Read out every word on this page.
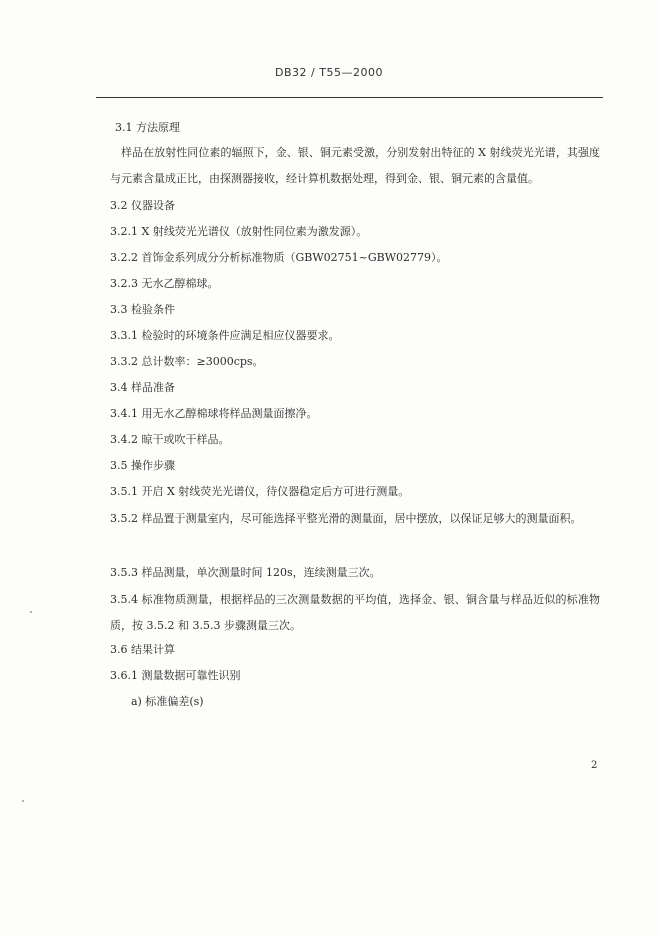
DB32 / T55—2000
3.1 方法原理
样品在放射性同位素的辐照下，金、银、铜元素受激，分别发射出特征的 X 射线荧光光谱，其强度与元素含量成正比，由探测器接收，经计算机数据处理，得到金、银、铜元素的含量值。
3.2 仪器设备
3.2.1 X 射线荧光光谱仪（放射性同位素为激发源）。
3.2.2 首饰金系列成分分析标准物质（GBW02751~GBW02779）。
3.2.3 无水乙醇棉球。
3.3 检验条件
3.3.1 检验时的环境条件应满足相应仪器要求。
3.3.2 总计数率：≥3000cps。
3.4 样品准备
3.4.1 用无水乙醇棉球将样品测量面擦净。
3.4.2 晾干或吹干样品。
3.5 操作步骤
3.5.1 开启 X 射线荧光光谱仪，待仪器稳定后方可进行测量。
3.5.2 样品置于测量室内，尽可能选择平整光滑的测量面，居中摆放，以保证足够大的测量面积。
3.5.3 样品测量，单次测量时间 120s，连续测量三次。
3.5.4 标准物质测量，根据样品的三次测量数据的平均值，选择金、银、铜含量与样品近似的标准物质，按 3.5.2 和 3.5.3 步骤测量三次。
3.6 结果计算
3.6.1 测量数据可靠性识别
a) 标准偏差(s)
2
